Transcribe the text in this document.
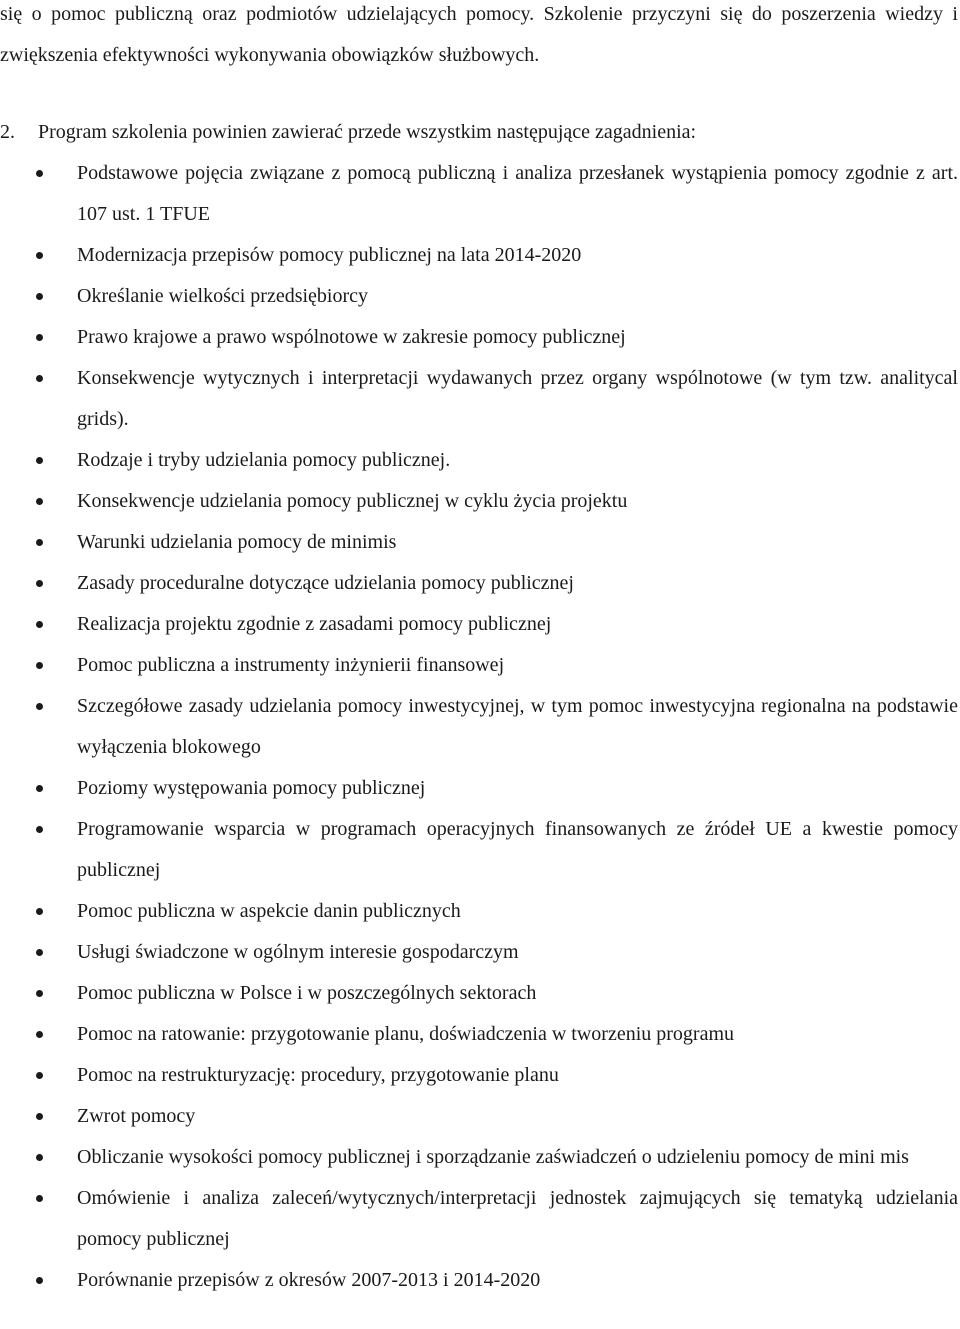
się o pomoc publiczną oraz podmiotów udzielających pomocy. Szkolenie przyczyni się do poszerzenia wiedzy i zwiększenia efektywności wykonywania obowiązków służbowych.

2. Program szkolenia powinien zawierać przede wszystkim następujące zagadnienia:

Podstawowe pojęcia związane z pomocą publiczną i analiza przesłanek wystąpienia pomocy zgodnie z art. 107 ust. 1 TFUE
Modernizacja przepisów pomocy publicznej na lata 2014-2020
Określanie wielkości przedsiębiorcy
Prawo krajowe a prawo wspólnotowe w zakresie pomocy publicznej
Konsekwencje wytycznych i interpretacji wydawanych przez organy wspólnotowe (w tym tzw. analitycal grids).
Rodzaje i tryby udzielania pomocy publicznej.
Konsekwencje udzielania pomocy publicznej w cyklu życia projektu
Warunki udzielania pomocy de minimis
Zasady proceduralne dotyczące udzielania pomocy publicznej
Realizacja projektu zgodnie z zasadami pomocy publicznej
Pomoc publiczna a instrumenty inżynierii finansowej
Szczegółowe zasady udzielania pomocy inwestycyjnej, w tym pomoc inwestycyjna regionalna na podstawie wyłączenia blokowego
Poziomy występowania pomocy publicznej
Programowanie wsparcia w programach operacyjnych finansowanych ze źródeł UE a kwestie pomocy publicznej
Pomoc publiczna w aspekcie danin publicznych
Usługi świadczone w ogólnym interesie gospodarczym
Pomoc publiczna w Polsce i w poszczególnych sektorach
Pomoc na ratowanie: przygotowanie planu, doświadczenia w tworzeniu programu
Pomoc na restrukturyzację: procedury, przygotowanie planu
Zwrot pomocy
Obliczanie wysokości pomocy publicznej i sporządzanie zaświadczeń o udzieleniu pomocy de mini mis
Omówienie i analiza zaleceń/wytycznych/interpretacji jednostek zajmujących się tematyką udzielania pomocy publicznej
Porównanie przepisów z okresów 2007-2013 i 2014-2020
